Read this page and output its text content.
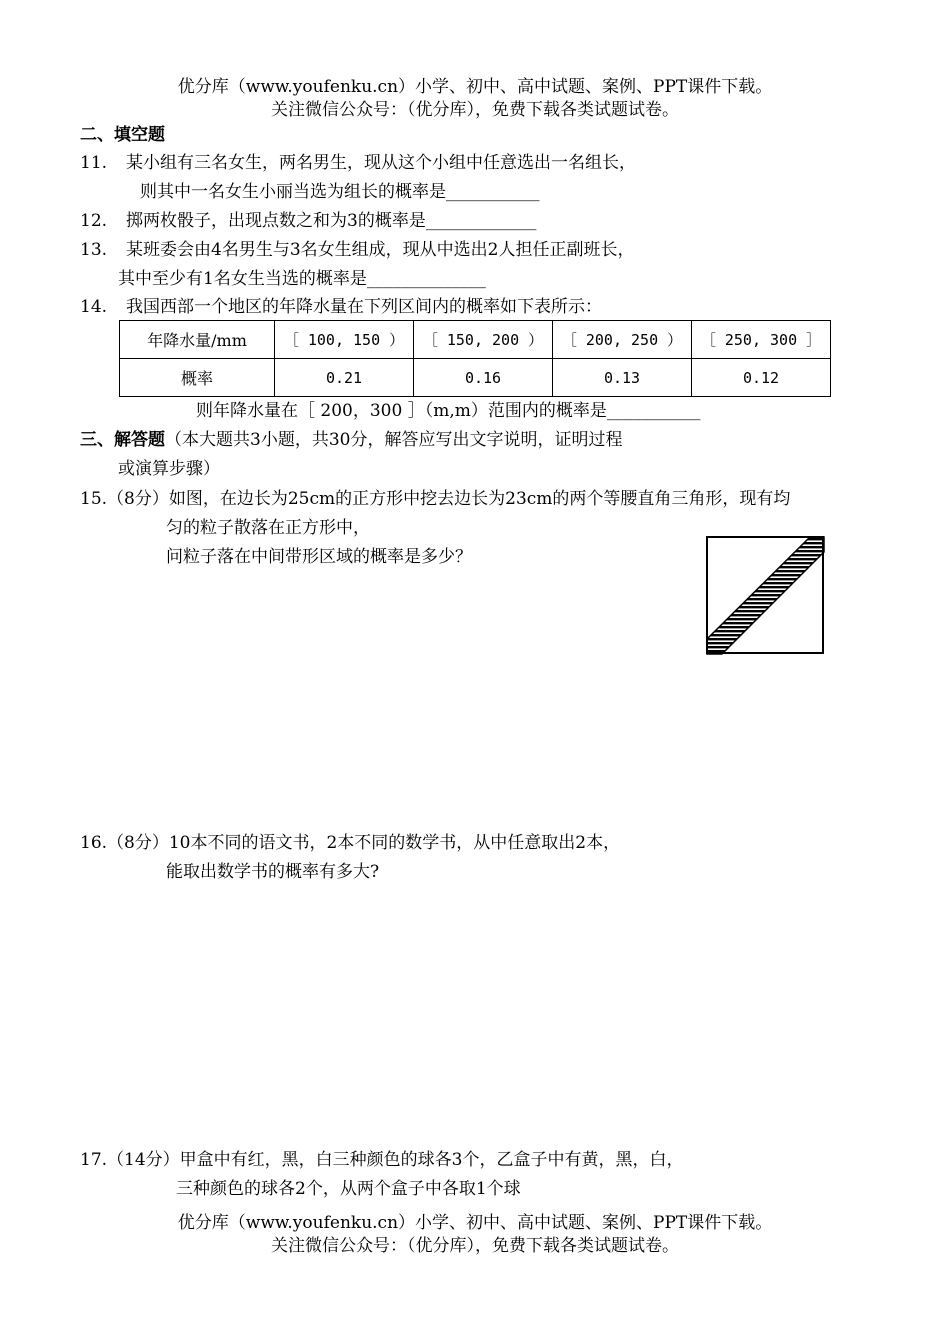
优分库（www.youfenku.cn）小学、初中、高中试题、案例、PPT课件下载。
关注微信公众号：（优分库），免费下载各类试题试卷。
二、填空题
11. 某小组有三名女生，两名男生，现从这个小组中任意选出一名组长，
则其中一名女生小丽当选为组长的概率是___________
12. 掷两枚骰子，出现点数之和为3的概率是_____________
13. 某班委会由4名男生与3名女生组成，现从中选出2人担任正副班长，
其中至少有1名女生当选的概率是______________
14. 我国西部一个地区的年降水量在下列区间内的概率如下表所示：
年降水量/mm	［ 100, 150 ）	［ 150, 200 ）	［ 200, 250 ）	［ 250, 300 ］
概率	0.21	0.16	0.13	0.12
则年降水量在［ 200，300 ］（m,m）范围内的概率是___________
三、解答题（本大题共3小题，共30分，解答应写出文字说明，证明过程
或演算步骤）
15.（8分）如图，在边长为25cm的正方形中挖去边长为23cm的两个等腰直角三角形，现有均
匀的粒子散落在正方形中，
问粒子落在中间带形区域的概率是多少？
16.（8分）10本不同的语文书，2本不同的数学书，从中任意取出2本，
能取出数学书的概率有多大?
17.（14分）甲盒中有红，黑，白三种颜色的球各3个，乙盒子中有黄，黑，白，
三种颜色的球各2个，从两个盒子中各取1个球
优分库（www.youfenku.cn）小学、初中、高中试题、案例、PPT课件下载。
关注微信公众号：（优分库），免费下载各类试题试卷。
